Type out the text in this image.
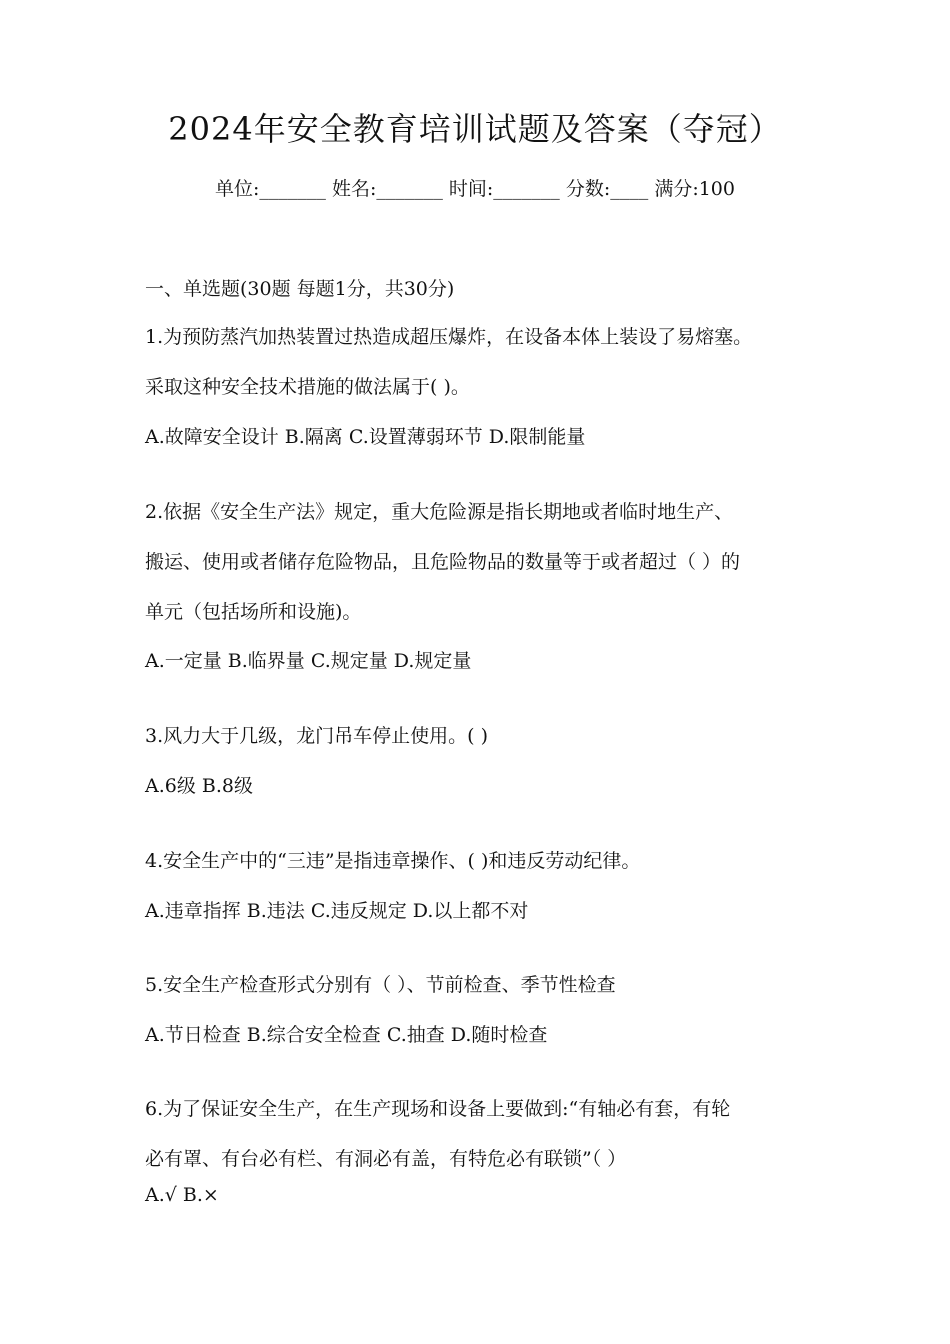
2024年安全教育培训试题及答案（夺冠）
单位:_______ 姓名:_______ 时间:_______ 分数:____ 满分:100
一、单选题(30题 每题1分，共30分)
1.为预防蒸汽加热装置过热造成超压爆炸，在设备本体上装设了易熔塞。
采取这种安全技术措施的做法属于( )。
A.故障安全设计 B.隔离 C.设置薄弱环节 D.限制能量
2.依据《安全生产法》规定，重大危险源是指长期地或者临时地生产、
搬运、使用或者储存危险物品，且危险物品的数量等于或者超过（ ）的
单元（包括场所和设施)。
A.一定量 B.临界量 C.规定量 D.规定量
3.风力大于几级，龙门吊车停止使用。( )
A.6级 B.8级
4.安全生产中的“三违”是指违章操作、( )和违反劳动纪律。
A.违章指挥 B.违法 C.违反规定 D.以上都不对
5.安全生产检查形式分别有（ ）、节前检查、季节性检查
A.节日检查 B.综合安全检查 C.抽查 D.随时检查
6.为了保证安全生产，在生产现场和设备上要做到:“有轴必有套，有轮
必有罩、有台必有栏、有洞必有盖，有特危必有联锁”（ ）
A.√ B.×
